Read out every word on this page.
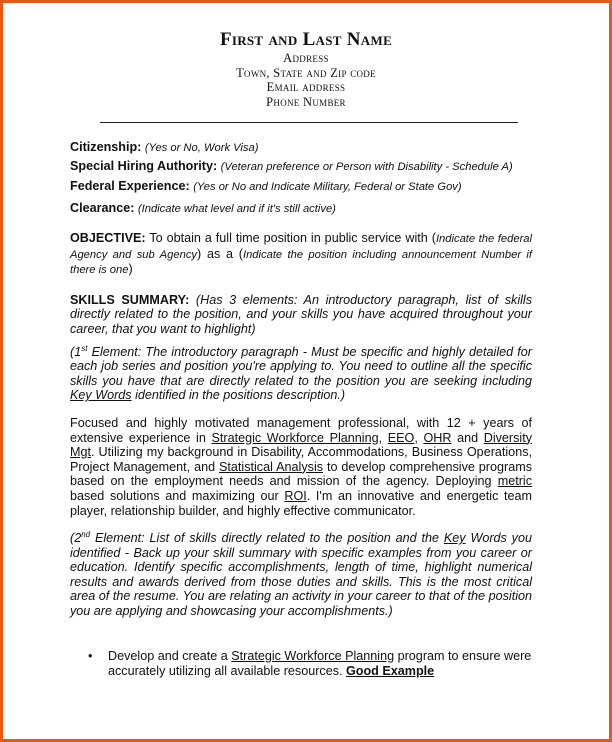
First and Last Name
Address
Town, State and Zip code
Email address
Phone Number
Citizenship: (Yes or No, Work Visa)
Special Hiring Authority: (Veteran preference or Person with Disability - Schedule A)
Federal Experience: (Yes or No and Indicate Military, Federal or State Gov)
Clearance: (Indicate what level and if it's still active)
OBJECTIVE: To obtain a full time position in public service with (Indicate the federal Agency and sub Agency) as a (Indicate the position including announcement Number if there is one)
SKILLS SUMMARY: (Has 3 elements: An introductory paragraph, list of skills directly related to the position, and your skills you have acquired throughout your career, that you want to highlight)
(1st Element: The introductory paragraph - Must be specific and highly detailed for each job series and position you're applying to. You need to outline all the specific skills you have that are directly related to the position you are seeking including Key Words identified in the positions description.)
Focused and highly motivated management professional, with 12 + years of extensive experience in Strategic Workforce Planning, EEO, OHR and Diversity Mgt. Utilizing my background in Disability, Accommodations, Business Operations, Project Management, and Statistical Analysis to develop comprehensive programs based on the employment needs and mission of the agency. Deploying metric based solutions and maximizing our ROI. I'm an innovative and energetic team player, relationship builder, and highly effective communicator.
(2nd Element: List of skills directly related to the position and the Key Words you identified - Back up your skill summary with specific examples from you career or education. Identify specific accomplishments, length of time, highlight numerical results and awards derived from those duties and skills. This is the most critical area of the resume. You are relating an activity in your career to that of the position you are applying and showcasing your accomplishments.)
• Develop and create a Strategic Workforce Planning program to ensure were accurately utilizing all available resources. Good Example
